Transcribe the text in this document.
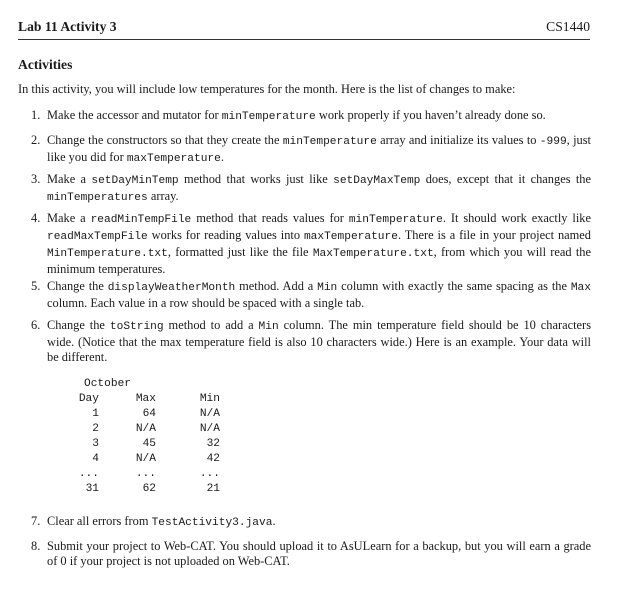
Lab 11 Activity 3	CS1440
Activities
In this activity, you will include low temperatures for the month. Here is the list of changes to make:
1. Make the accessor and mutator for minTemperature work properly if you haven’t already done so.
2. Change the constructors so that they create the minTemperature array and initialize its values to -999, just like you did for maxTemperature.
3. Make a setDayMinTemp method that works just like setDayMaxTemp does, except that it changes the minTemperatures array.
4. Make a readMinTempFile method that reads values for minTemperature. It should work exactly like readMaxTempFile works for reading values into maxTemperature. There is a file in your project named MinTemperature.txt, formatted just like the file MaxTemperature.txt, from which you will read the minimum temperatures.
5. Change the displayWeatherMonth method. Add a Min column with exactly the same spacing as the Max column. Each value in a row should be spaced with a single tab.
6. Change the toString method to add a Min column. The min temperature field should be 10 characters wide. (Notice that the max temperature field is also 10 characters wide.) Here is an example. Your data will be different.
7. Clear all errors from TestActivity3.java.
8. Submit your project to Web-CAT. You should upload it to AsULearn for a backup, but you will earn a grade of 0 if your project is not uploaded on Web-CAT.
October
Day	Max	Min
1	64	N/A
2	N/A	N/A
3	45	32
4	N/A	42
...	...	...
31	62	21
